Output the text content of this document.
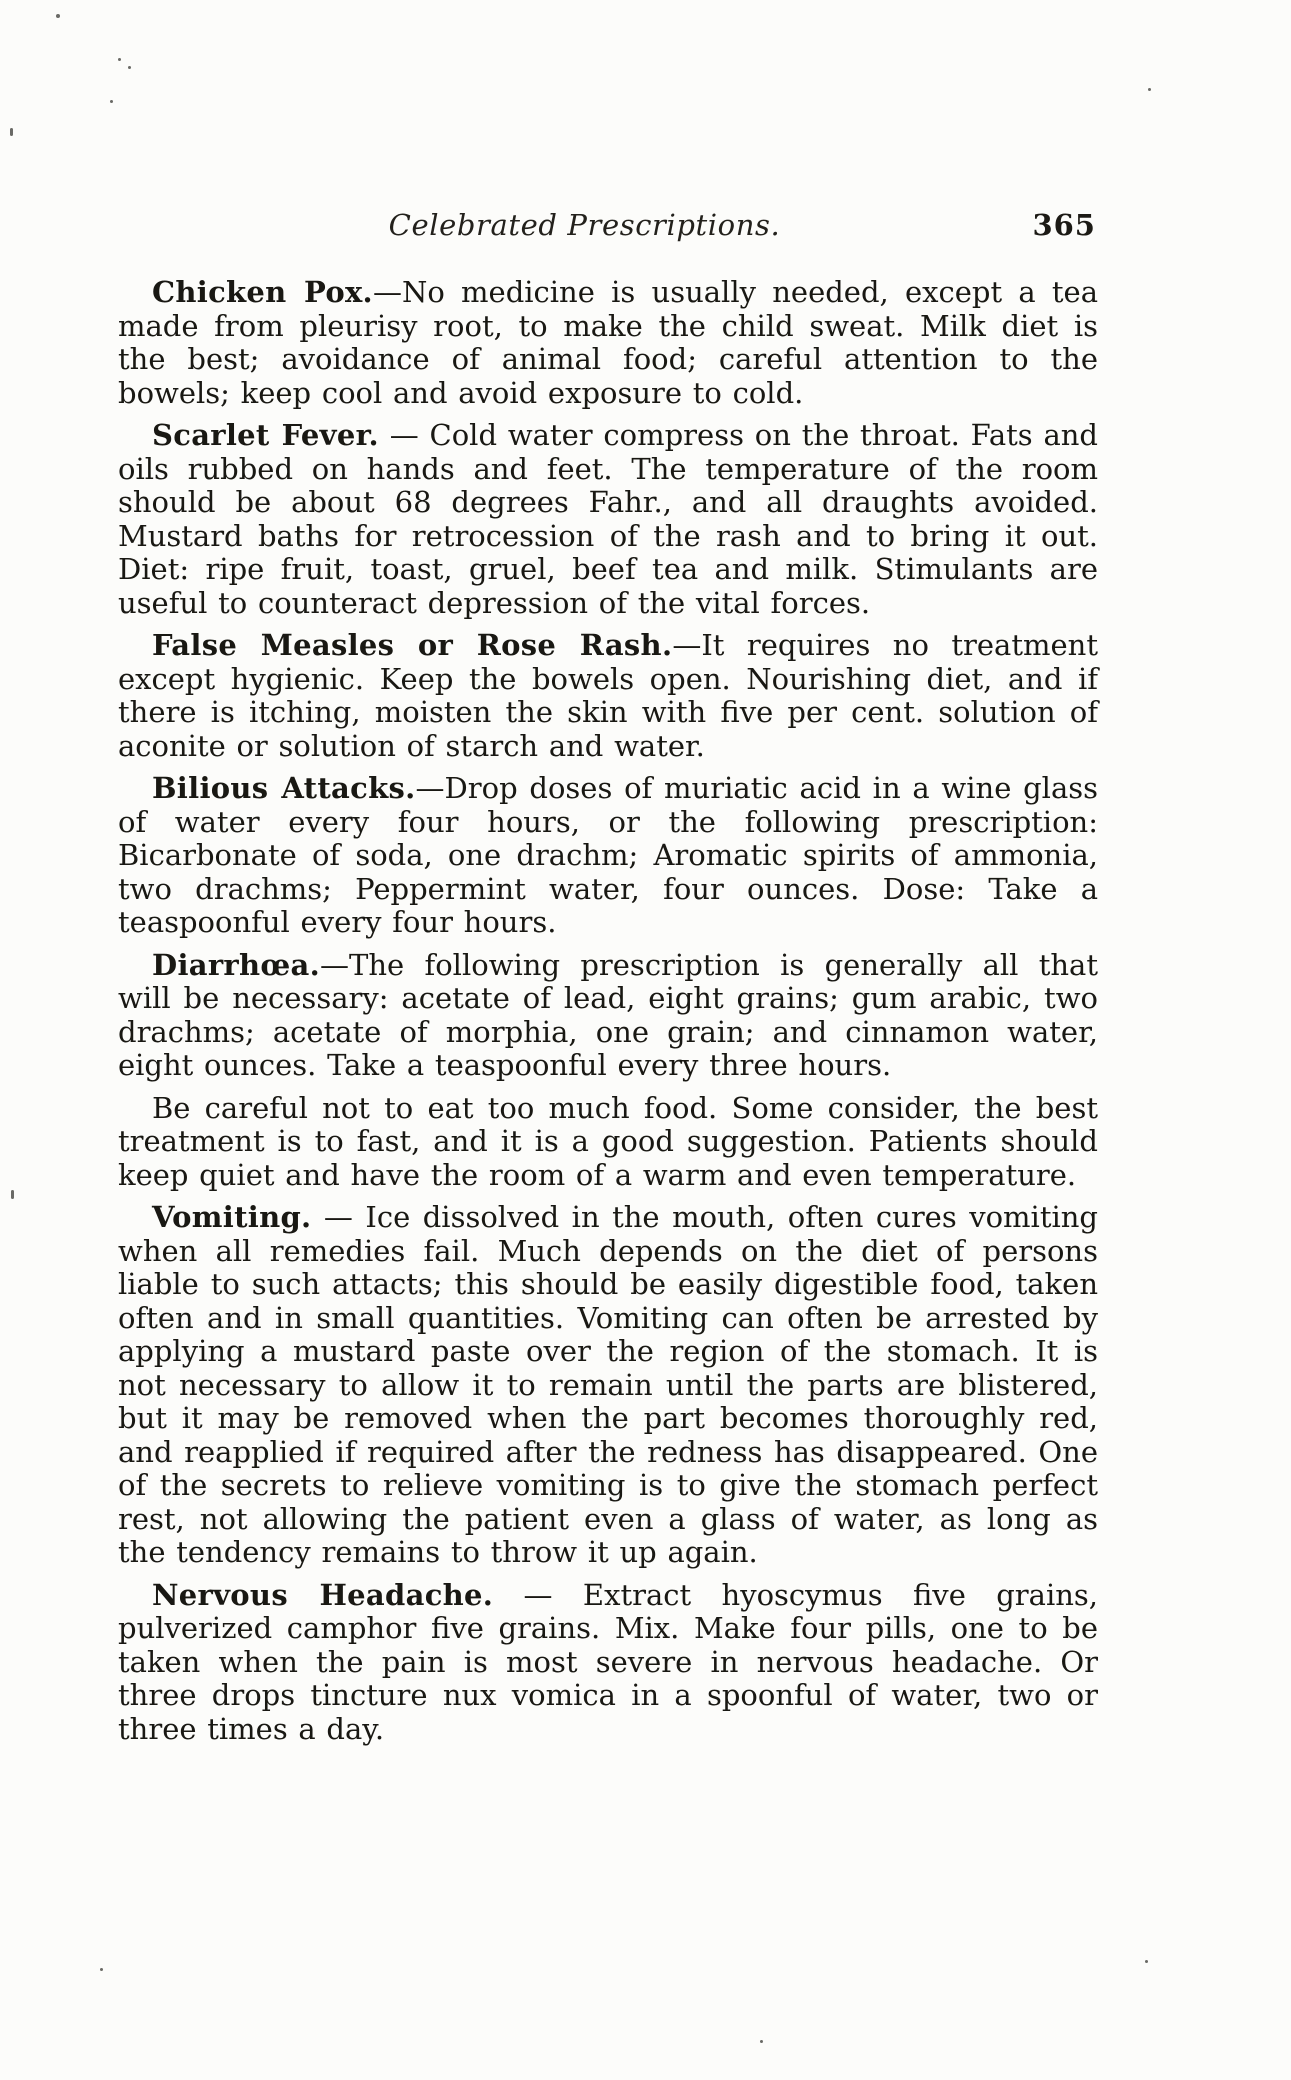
Celebrated Prescriptions.	365

Chicken Pox.—No medicine is usually needed, except a tea made from pleurisy root, to make the child sweat. Milk diet is the best; avoidance of animal food; careful attention to the bowels; keep cool and avoid exposure to cold.

Scarlet Fever. — Cold water compress on the throat. Fats and oils rubbed on hands and feet. The temperature of the room should be about 68 degrees Fahr., and all draughts avoided. Mustard baths for retrocession of the rash and to bring it out. Diet: ripe fruit, toast, gruel, beef tea and milk. Stimulants are useful to counteract depression of the vital forces.

False Measles or Rose Rash.—It requires no treatment except hygienic. Keep the bowels open. Nourishing diet, and if there is itching, moisten the skin with five per cent. solution of aconite or solution of starch and water.

Bilious Attacks.—Drop doses of muriatic acid in a wine glass of water every four hours, or the following prescription: Bicarbonate of soda, one drachm; Aromatic spirits of ammonia, two drachms; Peppermint water, four ounces. Dose: Take a teaspoonful every four hours.

Diarrhœa.—The following prescription is generally all that will be necessary: acetate of lead, eight grains; gum arabic, two drachms; acetate of morphia, one grain; and cinnamon water, eight ounces. Take a teaspoonful every three hours.

Be careful not to eat too much food. Some consider, the best treatment is to fast, and it is a good suggestion. Patients should keep quiet and have the room of a warm and even temperature.

Vomiting. — Ice dissolved in the mouth, often cures vomiting when all remedies fail. Much depends on the diet of persons liable to such attacts; this should be easily digestible food, taken often and in small quantities. Vomiting can often be arrested by applying a mustard paste over the region of the stomach. It is not necessary to allow it to remain until the parts are blistered, but it may be removed when the part becomes thoroughly red, and reapplied if required after the redness has disappeared. One of the secrets to relieve vomiting is to give the stomach perfect rest, not allowing the patient even a glass of water, as long as the tendency remains to throw it up again.

Nervous Headache. — Extract hyoscymus five grains, pulverized camphor five grains. Mix. Make four pills, one to be taken when the pain is most severe in nervous headache. Or three drops tincture nux vomica in a spoonful of water, two or three times a day.
